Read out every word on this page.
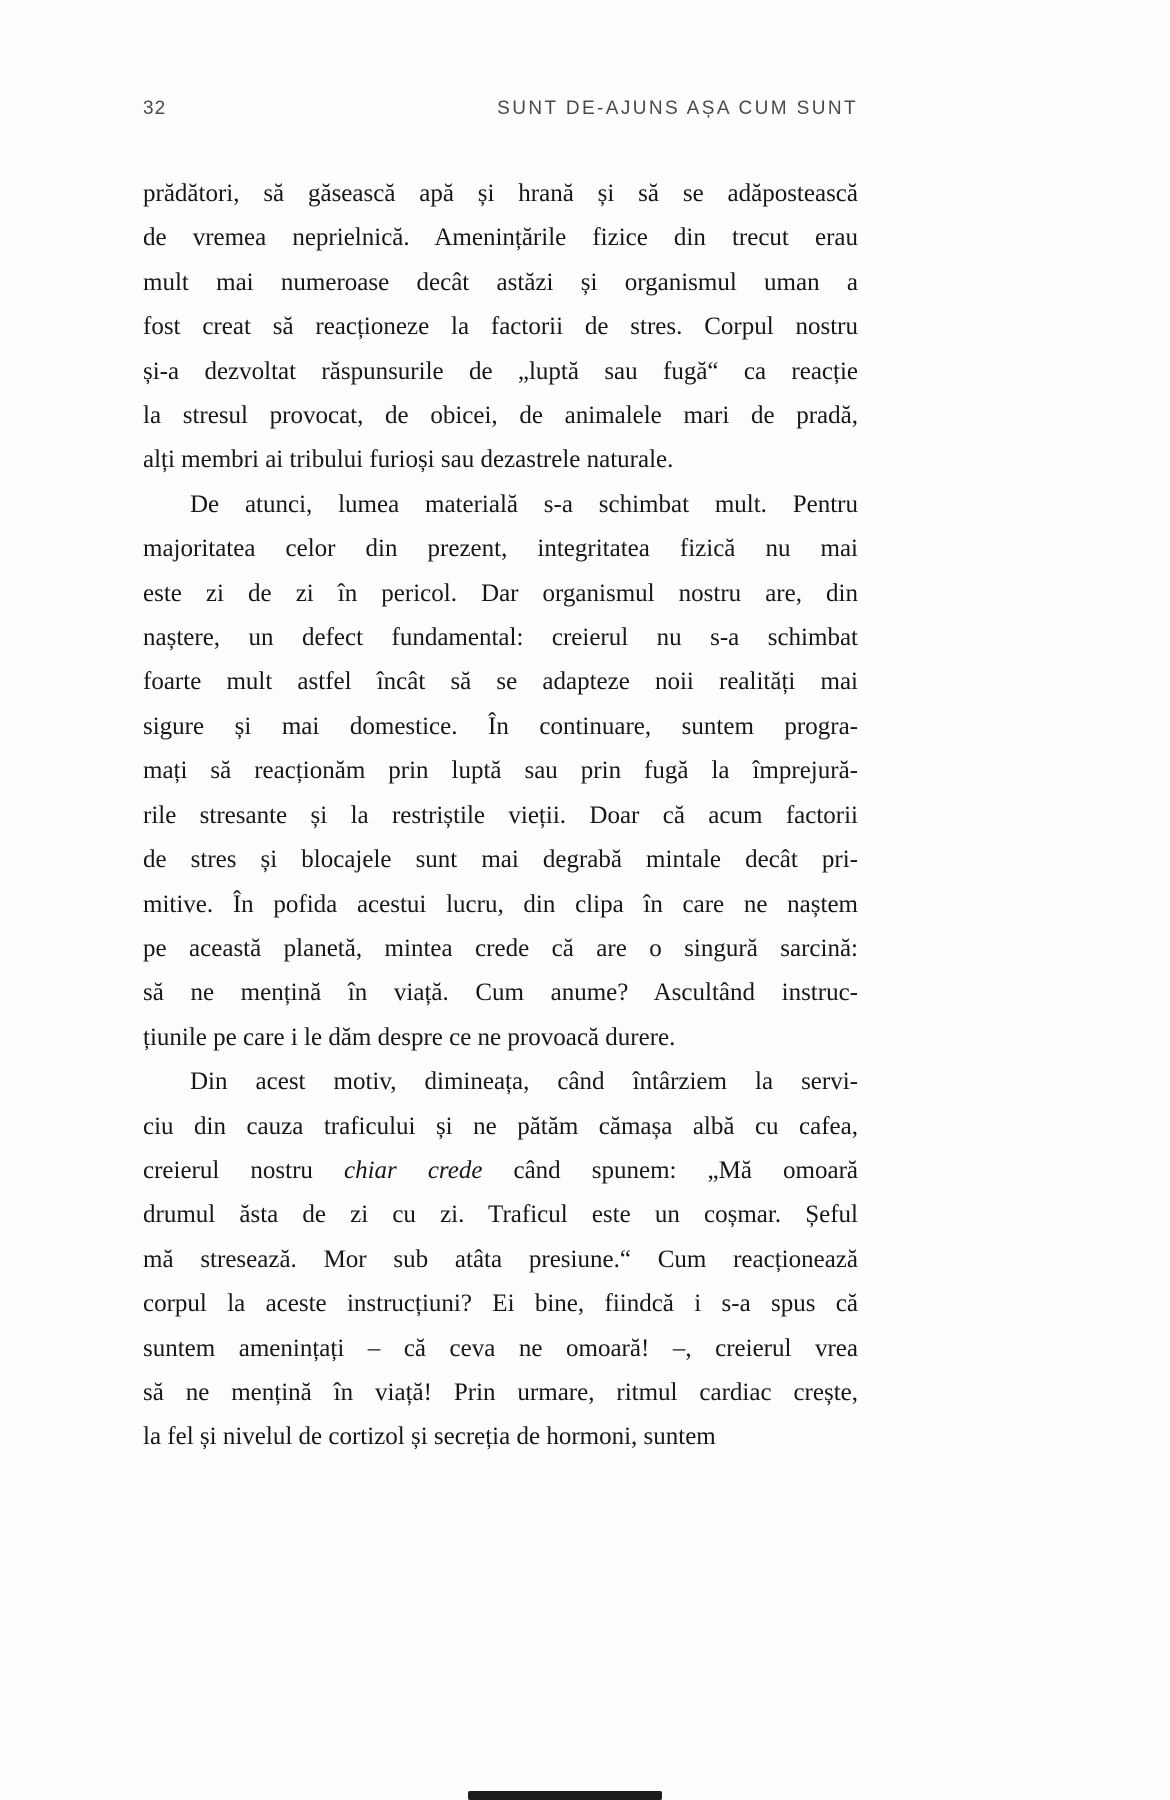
32	SUNT DE-AJUNS AȘA CUM SUNT

prădători, să găsească apă și hrană și să se adăpostească
de vremea neprielnică. Amenințările fizice din trecut erau
mult mai numeroase decât astăzi și organismul uman a
fost creat să reacționeze la factorii de stres. Corpul nostru
și-a dezvoltat răspunsurile de „luptă sau fugă“ ca reacție
la stresul provocat, de obicei, de animalele mari de pradă,
alți membri ai tribului furioși sau dezastrele naturale.

De atunci, lumea materială s-a schimbat mult. Pentru
majoritatea celor din prezent, integritatea fizică nu mai
este zi de zi în pericol. Dar organismul nostru are, din
naștere, un defect fundamental: creierul nu s-a schimbat
foarte mult astfel încât să se adapteze noii realități mai
sigure și mai domestice. În continuare, suntem progra-
mați să reacționăm prin luptă sau prin fugă la împrejură-
rile stresante și la restriștile vieții. Doar că acum factorii
de stres și blocajele sunt mai degrabă mintale decât pri-
mitive. În pofida acestui lucru, din clipa în care ne naștem
pe această planetă, mintea crede că are o singură sarcină:
să ne mențină în viață. Cum anume? Ascultând instruc-
țiunile pe care i le dăm despre ce ne provoacă durere.

Din acest motiv, dimineața, când întârziem la servi-
ciu din cauza traficului și ne pătăm cămașa albă cu cafea,
creierul nostru chiar crede când spunem: „Mă omoară
drumul ăsta de zi cu zi. Traficul este un coșmar. Șeful
mă stresează. Mor sub atâta presiune.“ Cum reacționează
corpul la aceste instrucțiuni? Ei bine, fiindcă i s-a spus că
suntem amenințați – că ceva ne omoară! –, creierul vrea
să ne mențină în viață! Prin urmare, ritmul cardiac crește,
la fel și nivelul de cortizol și secreția de hormoni, suntem
